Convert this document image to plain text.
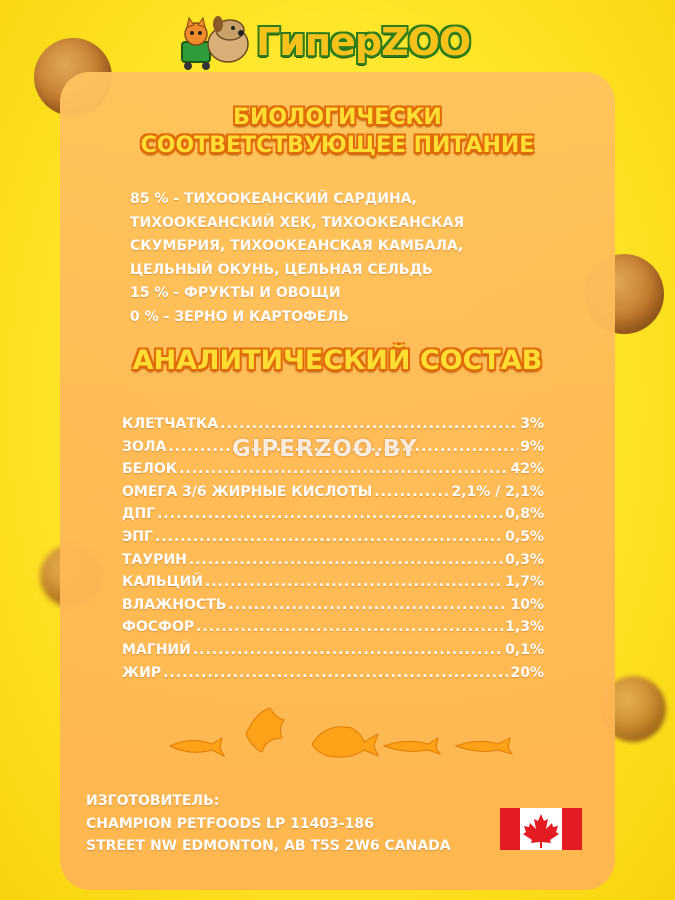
ГиперZOO
БИОЛОГИЧЕСКИ
СООТВЕТСТВУЮЩЕЕ ПИТАНИЕ
85 % - ТИХООКЕАНСКИЙ САРДИНА,
ТИХООКЕАНСКИЙ ХЕК, ТИХООКЕАНСКАЯ
СКУМБРИЯ, ТИХООКЕАНСКАЯ КАМБАЛА,
ЦЕЛЬНЫЙ ОКУНЬ, ЦЕЛЬНАЯ СЕЛЬДЬ
15 % - ФРУКТЫ И ОВОЩИ
0 % - ЗЕРНО И КАРТОФЕЛЬ
АНАЛИТИЧЕСКИЙ СОСТАВ
КЛЕТЧАТКА .....	3%
ЗОЛА .....	9%
БЕЛОК .....	42%
ОМЕГА 3/6 ЖИРНЫЕ КИСЛОТЫ .....	2,1% / 2,1%
ДПГ .....	0,8%
ЭПГ .....	0,5%
ТАУРИН .....	0,3%
КАЛЬЦИЙ .....	1,7%
ВЛАЖНОСТЬ .....	10%
ФОСФОР .....	1,3%
МАГНИЙ .....	0,1%
ЖИР .....	20%
GIPERZOO.BY
ИЗГОТОВИТЕЛЬ:
CHAMPION PETFOODS LP 11403-186
STREET NW EDMONTON, AB T5S 2W6 CANADA
